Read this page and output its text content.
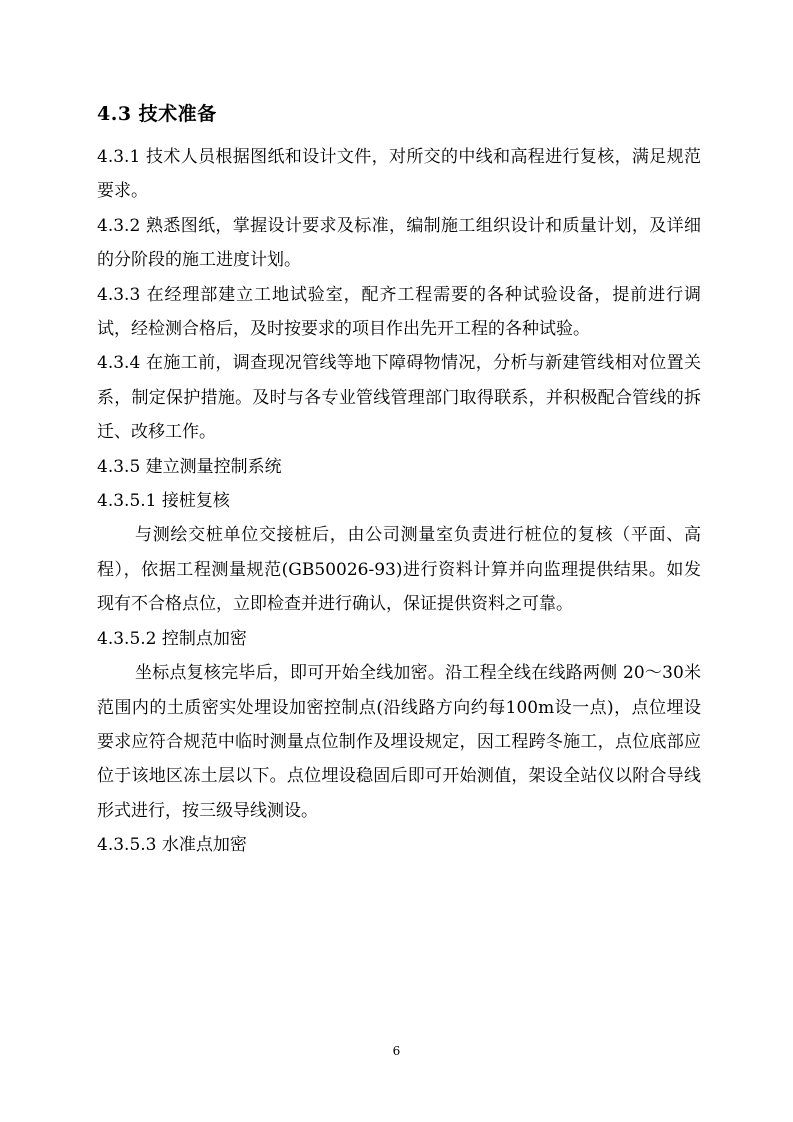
4.3 技术准备

4.3.1 技术人员根据图纸和设计文件，对所交的中线和高程进行复核，满足规范要求。

4.3.2 熟悉图纸，掌握设计要求及标准，编制施工组织设计和质量计划，及详细的分阶段的施工进度计划。

4.3.3 在经理部建立工地试验室，配齐工程需要的各种试验设备，提前进行调试，经检测合格后，及时按要求的项目作出先开工程的各种试验。

4.3.4 在施工前，调查现况管线等地下障碍物情况，分析与新建管线相对位置关系，制定保护措施。及时与各专业管线管理部门取得联系，并积极配合管线的拆迁、改移工作。

4.3.5 建立测量控制系统

4.3.5.1 接桩复核

与测绘交桩单位交接桩后，由公司测量室负责进行桩位的复核（平面、高程），依据工程测量规范(GB50026-93)进行资料计算并向监理提供结果。如发现有不合格点位，立即检查并进行确认，保证提供资料之可靠。

4.3.5.2 控制点加密

坐标点复核完毕后，即可开始全线加密。沿工程全线在线路两侧 20～30米范围内的土质密实处埋设加密控制点(沿线路方向约每100m设一点)，点位埋设要求应符合规范中临时测量点位制作及埋设规定，因工程跨冬施工，点位底部应位于该地区冻土层以下。点位埋设稳固后即可开始测值，架设全站仪以附合导线形式进行，按三级导线测设。

4.3.5.3 水准点加密

6
